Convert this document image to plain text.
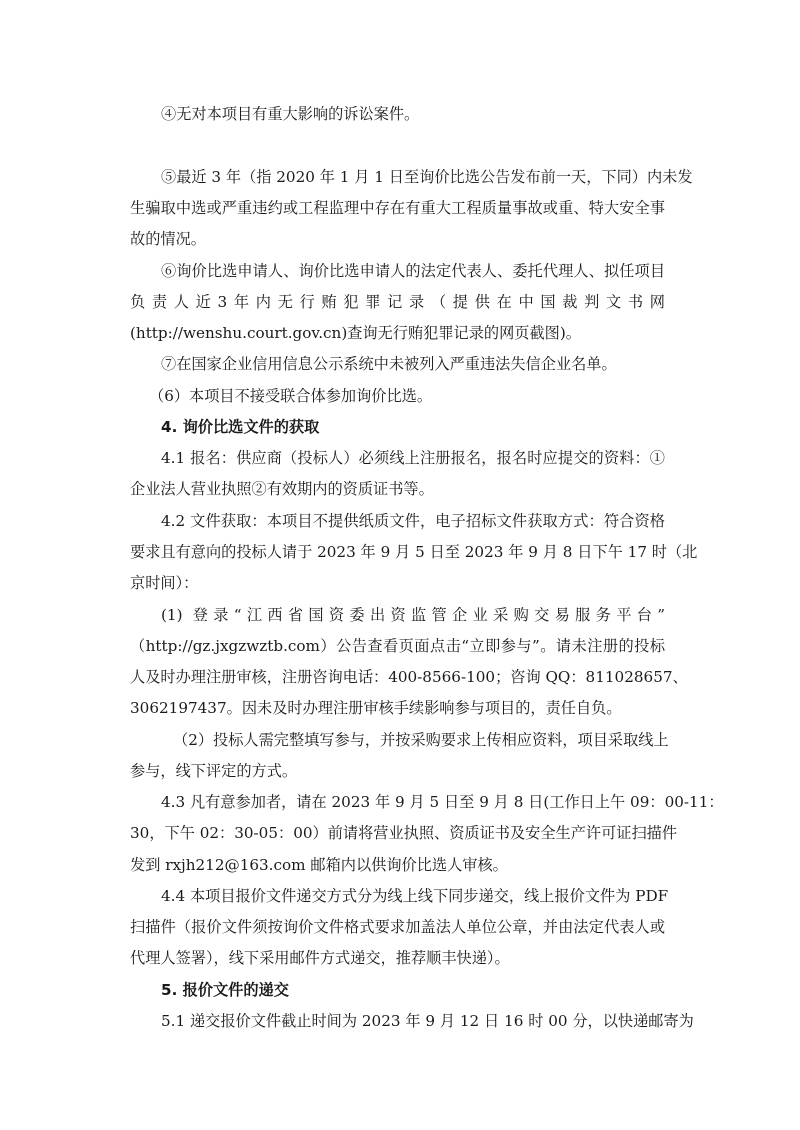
④无对本项目有重大影响的诉讼案件。
⑤最近 3 年（指 2020 年 1 月 1 日至询价比选公告发布前一天，下同）内未发
生骗取中选或严重违约或工程监理中存在有重大工程质量事故或重、特大安全事
故的情况。
⑥询价比选申请人、询价比选申请人的法定代表人、委托代理人、拟任项目
负责人近3年内无行贿犯罪记录（提供在中国裁判文书网
(http://wenshu.court.gov.cn)查询无行贿犯罪记录的网页截图)。
⑦在国家企业信用信息公示系统中未被列入严重违法失信企业名单。
（6）本项目不接受联合体参加询价比选。
4. 询价比选文件的获取
4.1 报名：供应商（投标人）必须线上注册报名，报名时应提交的资料：①
企业法人营业执照②有效期内的资质证书等。
4.2 文件获取：本项目不提供纸质文件，电子招标文件获取方式：符合资格
要求且有意向的投标人请于 2023 年 9 月 5 日至 2023 年 9 月 8 日下午 17 时（北
京时间）：
(1) 登录“江西省国资委出资监管企业采购交易服务平台”
（http://gz.jxgzwztb.com）公告查看页面点击“立即参与”。请未注册的投标
人及时办理注册审核，注册咨询电话：400-8566-100；咨询 QQ：811028657、
3062197437。因未及时办理注册审核手续影响参与项目的，责任自负。
（2）投标人需完整填写参与，并按采购要求上传相应资料，项目采取线上
参与，线下评定的方式。
4.3 凡有意参加者，请在 2023 年 9 月 5 日至 9 月 8 日(工作日上午 09：00-11：
30，下午 02：30-05：00）前请将营业执照、资质证书及安全生产许可证扫描件
发到 rxjh212@163.com 邮箱内以供询价比选人审核。
4.4 本项目报价文件递交方式分为线上线下同步递交，线上报价文件为 PDF
扫描件（报价文件须按询价文件格式要求加盖法人单位公章，并由法定代表人或
代理人签署），线下采用邮件方式递交，推荐顺丰快递）。
5. 报价文件的递交
5.1 递交报价文件截止时间为 2023 年 9 月 12 日 16 时 00 分，以快递邮寄为
